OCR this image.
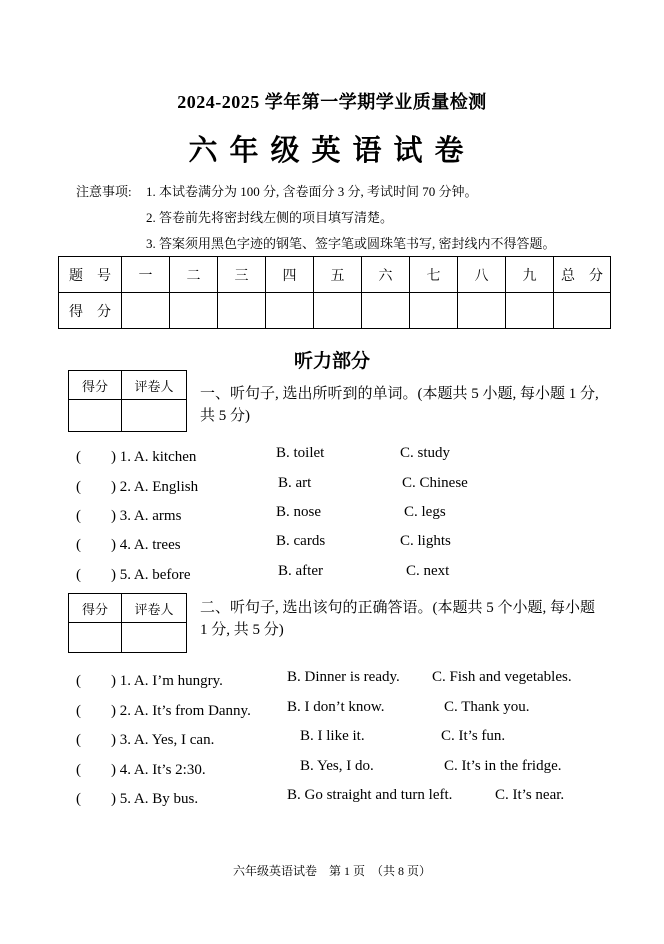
2024-2025 学年第一学期学业质量检测
六年级英语试卷
注意事项: 1. 本试卷满分为 100 分, 含卷面分 3 分, 考试时间 70 分钟。
2. 答卷前先将密封线左侧的项目填写清楚。
3. 答案须用黑色字迹的钢笔、签字笔或圆珠笔书写, 密封线内不得答题。
题　号	一	二	三	四	五	六	七	八	九	总　分
得　分										
听力部分
得分	评卷人
	一、听句子, 选出所听到的单词。(本题共 5 小题, 每小题 1 分, 共 5 分)
(　　) 1. A. kitchen	B. toilet	C. study
(　　) 2. A. English	B. art	C. Chinese
(　　) 3. A. arms	B. nose	C. legs
(　　) 4. A. trees	B. cards	C. lights
(　　) 5. A. before	B. after	C. next
得分	评卷人
	二、听句子, 选出该句的正确答语。(本题共 5 个小题, 每小题 1 分, 共 5 分)
(　　) 1. A. I’m hungry.	B. Dinner is ready. C. Fish and vegetables.
(　　) 2. A. It’s from Danny. B. I don’t know.	C. Thank you.
(　　) 3. A. Yes, I can.	B. I like it.	C. It’s fun.
(　　) 4. A. It’s 2:30.	B. Yes, I do.	C. It’s in the fridge.
(　　) 5. A. By bus.	B. Go straight and turn left.	C. It’s near.
六年级英语试卷　第 1 页　（共 8 页）
